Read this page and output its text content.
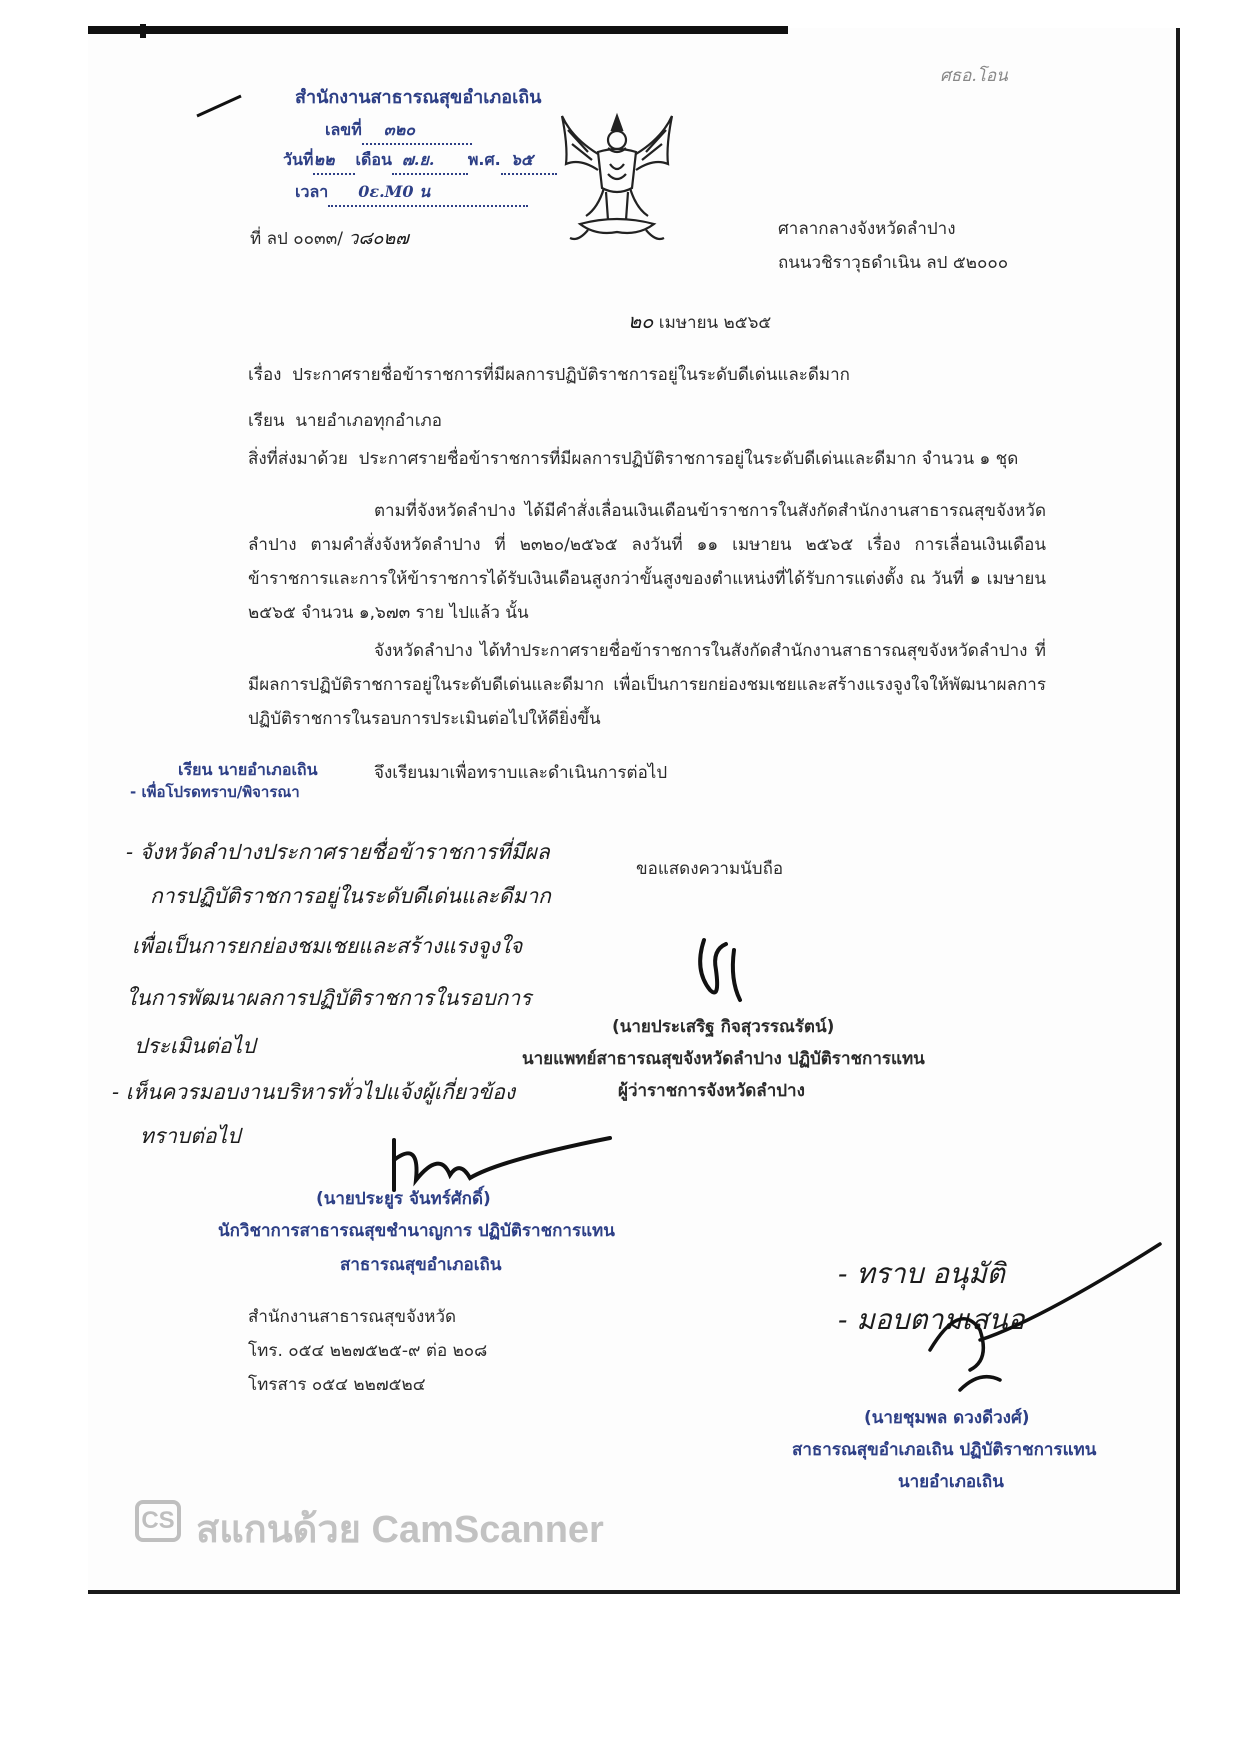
ศธอ.โอน
สำนักงานสาธารณสุขอำเภอเถิน
เลขที่ ๓๒๐
วันที่๒๒ เดือน ๗.ย. พ.ศ. ๖๕
เวลา 0ε.M0 น
ที่ ลป ๐๐๓๓/ ว๘๐๒๗	ศาลากลางจังหวัดลำปาง
ถนนวชิราวุธดำเนิน ลป ๕๒๐๐๐
๒๐ เมษายน ๒๕๖๕
เรื่อง ประกาศรายชื่อข้าราชการที่มีผลการปฏิบัติราชการอยู่ในระดับดีเด่นและดีมาก
เรียน นายอำเภอทุกอำเภอ
สิ่งที่ส่งมาด้วย ประกาศรายชื่อข้าราชการที่มีผลการปฏิบัติราชการอยู่ในระดับดีเด่นและดีมาก จำนวน ๑ ชุด
ตามที่จังหวัดลำปาง ได้มีคำสั่งเลื่อนเงินเดือนข้าราชการในสังกัดสำนักงานสาธารณสุขจังหวัดลำปาง ตามคำสั่งจังหวัดลำปาง ที่ ๒๓๒๐/๒๕๖๕ ลงวันที่ ๑๑ เมษายน ๒๕๖๕ เรื่อง การเลื่อนเงินเดือนข้าราชการและการให้ข้าราชการได้รับเงินเดือนสูงกว่าขั้นสูงของตำแหน่งที่ได้รับการแต่งตั้ง ณ วันที่ ๑ เมษายน ๒๕๖๕ จำนวน ๑,๖๗๓ ราย ไปแล้ว นั้น
จังหวัดลำปาง ได้ทำประกาศรายชื่อข้าราชการในสังกัดสำนักงานสาธารณสุขจังหวัดลำปาง ที่มีผลการปฏิบัติราชการอยู่ในระดับดีเด่นและดีมาก เพื่อเป็นการยกย่องชมเชยและสร้างแรงจูงใจให้พัฒนาผลการปฏิบัติราชการในรอบการประเมินต่อไปให้ดียิ่งขึ้น
จึงเรียนมาเพื่อทราบและดำเนินการต่อไป
เรียน นายอำเภอเถิน
- เพื่อโปรดทราบ/พิจารณา
- จังหวัดลำปางประกาศรายชื่อข้าราชการที่มีผล
การปฏิบัติราชการอยู่ในระดับดีเด่นและดีมาก
เพื่อเป็นการยกย่องชมเชยและสร้างแรงจูงใจ
ในการพัฒนาผลการปฏิบัติราชการในรอบการ
ประเมินต่อไป
- เห็นควรมอบงานบริหารทั่วไปแจ้งผู้เกี่ยวข้อง
ทราบต่อไป
ขอแสดงความนับถือ
(นายประเสริฐ กิจสุวรรณรัตน์)
นายแพทย์สาธารณสุขจังหวัดลำปาง ปฏิบัติราชการแทน
ผู้ว่าราชการจังหวัดลำปาง
(นายประยูร จันทร์ศักดิ์)
นักวิชาการสาธารณสุขชำนาญการ ปฏิบัติราชการแทน
สาธารณสุขอำเภอเถิน
สำนักงานสาธารณสุขจังหวัด
โทร. ๐๕๔ ๒๒๗๕๒๕-๙ ต่อ ๒๐๘
โทรสาร ๐๕๔ ๒๒๗๕๒๔
- ทราบ อนุมัติ
- มอบตามเสนอ
(นายชุมพล ดวงดีวงศ์)
สาธารณสุขอำเภอเถิน ปฏิบัติราชการแทน
นายอำเภอเถิน
CS สแกนด้วย CamScanner
